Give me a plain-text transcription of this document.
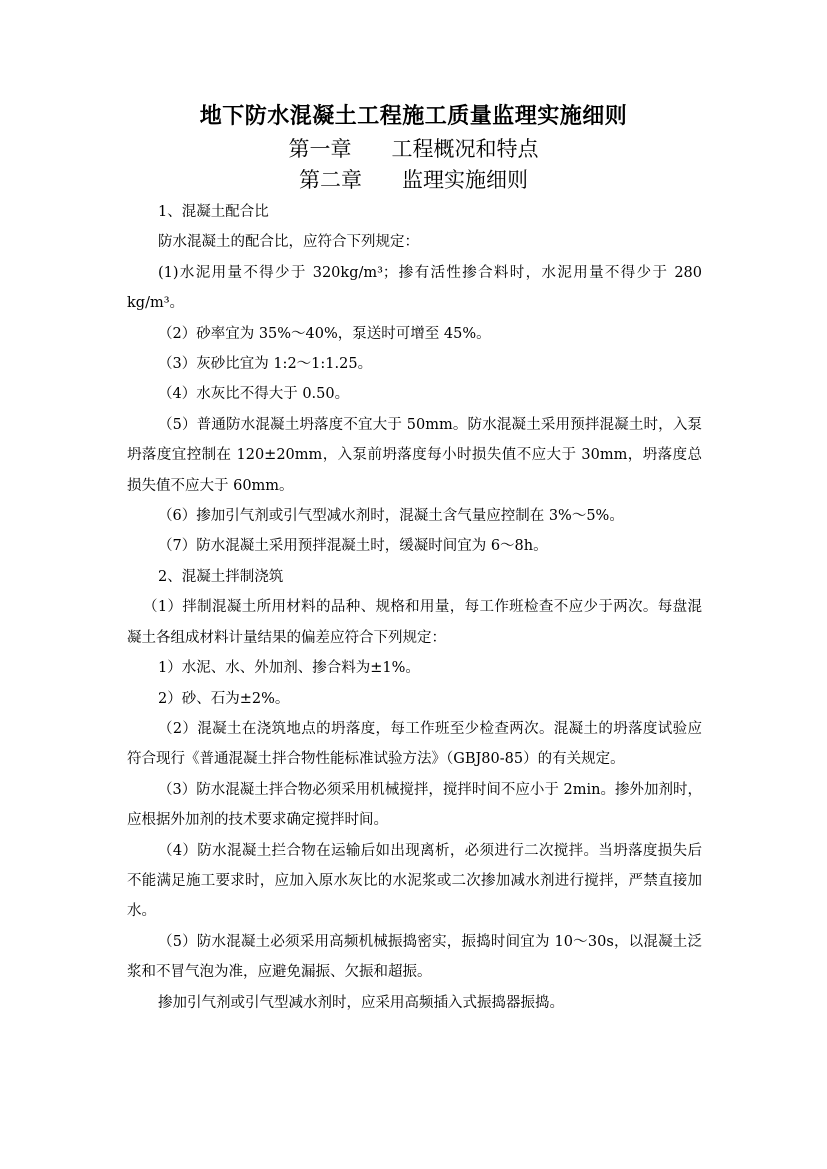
地下防水混凝土工程施工质量监理实施细则
第一章 工程概况和特点
第二章 监理实施细则

1、混凝土配合比

防水混凝土的配合比，应符合下列规定：

(1)水泥用量不得少于 320kg/m³；掺有活性掺合料时，水泥用量不得少于 280 kg/m³。

（2）砂率宜为 35%～40%，泵送时可增至 45%。

（3）灰砂比宜为 1:2～1:1.25。

（4）水灰比不得大于 0.50。

（5）普通防水混凝土坍落度不宜大于 50mm。防水混凝土采用预拌混凝土时，入泵坍落度宜控制在 120±20mm，入泵前坍落度每小时损失值不应大于 30mm，坍落度总损失值不应大于 60mm。

（6）掺加引气剂或引气型减水剂时，混凝土含气量应控制在 3%～5%。

（7）防水混凝土采用预拌混凝土时，缓凝时间宜为 6～8h。

2、混凝土拌制浇筑

（1）拌制混凝土所用材料的品种、规格和用量，每工作班检查不应少于两次。每盘混凝土各组成材料计量结果的偏差应符合下列规定：

1）水泥、水、外加剂、掺合料为±1%。

2）砂、石为±2%。

（2）混凝土在浇筑地点的坍落度，每工作班至少检查两次。混凝土的坍落度试验应符合现行《普通混凝土拌合物性能标准试验方法》（GBJ80-85）的有关规定。

（3）防水混凝土拌合物必须采用机械搅拌，搅拌时间不应小于 2min。掺外加剂时，应根据外加剂的技术要求确定搅拌时间。

（4）防水混凝土拦合物在运输后如出现离析，必须进行二次搅拌。当坍落度损失后不能满足施工要求时，应加入原水灰比的水泥浆或二次掺加减水剂进行搅拌，严禁直接加水。

（5）防水混凝土必须采用高频机械振捣密实，振捣时间宜为 10～30s，以混凝土泛浆和不冒气泡为准，应避免漏振、欠振和超振。

掺加引气剂或引气型减水剂时，应采用高频插入式振捣器振捣。
